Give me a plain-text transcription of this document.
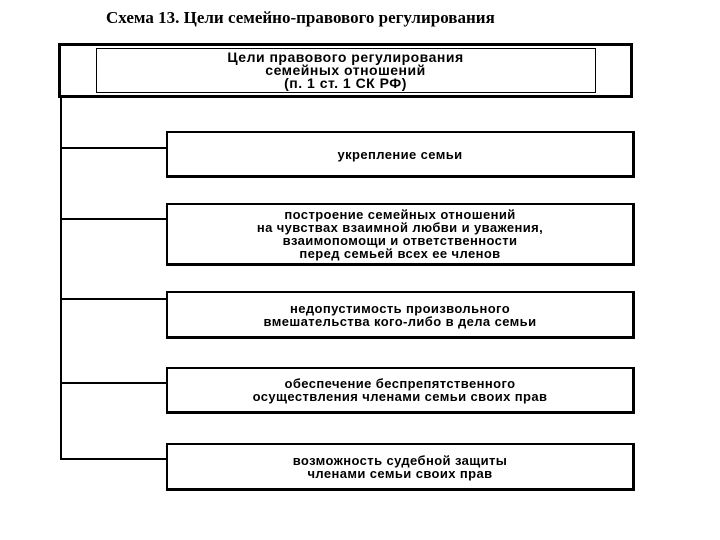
Схема 13. Цели семейно-правового регулирования
Цели правового регулирования
семейных отношений
(п. 1 ст. 1 СК РФ)
укрепление семьи
построение семейных отношений
на чувствах взаимной любви и уважения,
взаимопомощи и ответственности
перед семьей всех ее членов
недопустимость произвольного
вмешательства кого-либо в дела семьи
обеспечение беспрепятственного
осуществления членами семьи своих прав
возможность судебной защиты
членами семьи своих прав
